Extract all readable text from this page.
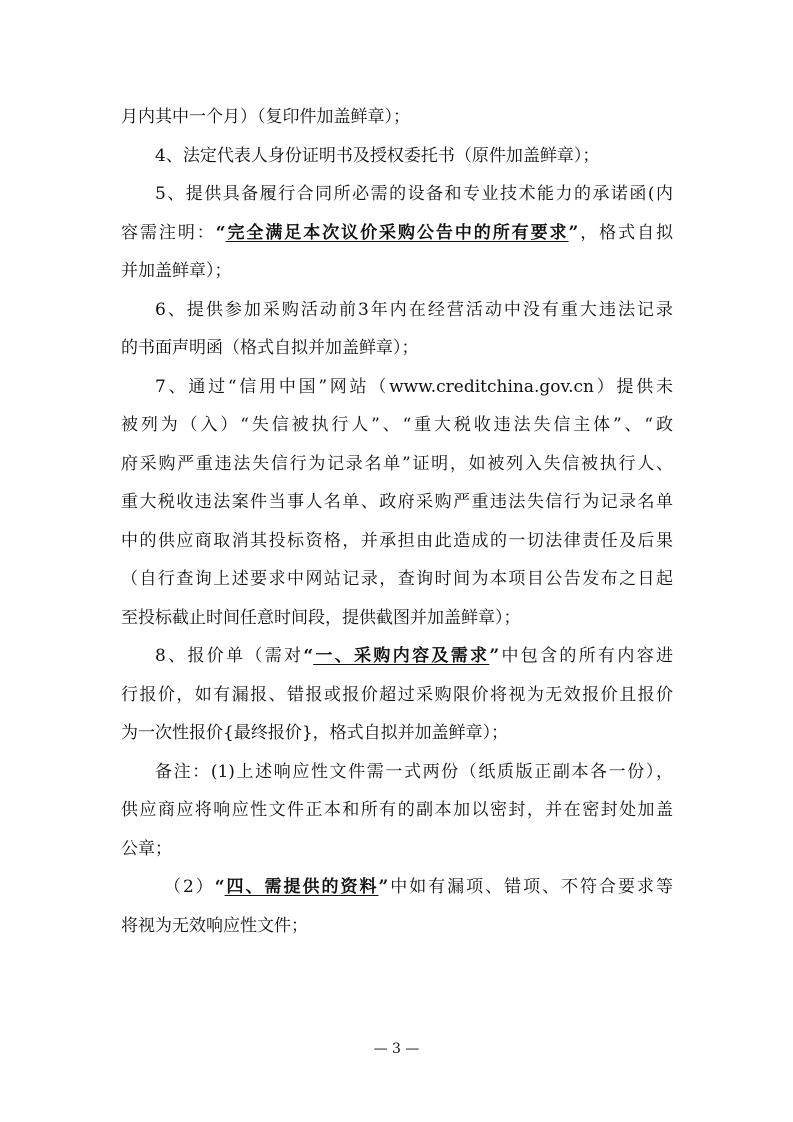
月内其中一个月）（复印件加盖鲜章）；
4、法定代表人身份证明书及授权委托书（原件加盖鲜章）；
5、提供具备履行合同所必需的设备和专业技术能力的承诺函(内
容需注明：“完全满足本次议价采购公告中的所有要求”，格式自拟
并加盖鲜章）；
6、提供参加采购活动前3年内在经营活动中没有重大违法记录
的书面声明函（格式自拟并加盖鲜章）；
7、通过“信用中国”网站（www.creditchina.gov.cn）提供未
被列为（入）“失信被执行人”、“重大税收违法失信主体”、“政
府采购严重违法失信行为记录名单”证明，如被列入失信被执行人、
重大税收违法案件当事人名单、政府采购严重违法失信行为记录名单
中的供应商取消其投标资格，并承担由此造成的一切法律责任及后果
（自行查询上述要求中网站记录，查询时间为本项目公告发布之日起
至投标截止时间任意时间段，提供截图并加盖鲜章）；
8、报价单（需对“一、采购内容及需求”中包含的所有内容进
行报价，如有漏报、错报或报价超过采购限价将视为无效报价且报价
为一次性报价{最终报价}，格式自拟并加盖鲜章）；
备注：(1)上述响应性文件需一式两份（纸质版正副本各一份），
供应商应将响应性文件正本和所有的副本加以密封，并在密封处加盖
公章；
（2）“四、需提供的资料”中如有漏项、错项、不符合要求等
将视为无效响应性文件；
— 3 —
